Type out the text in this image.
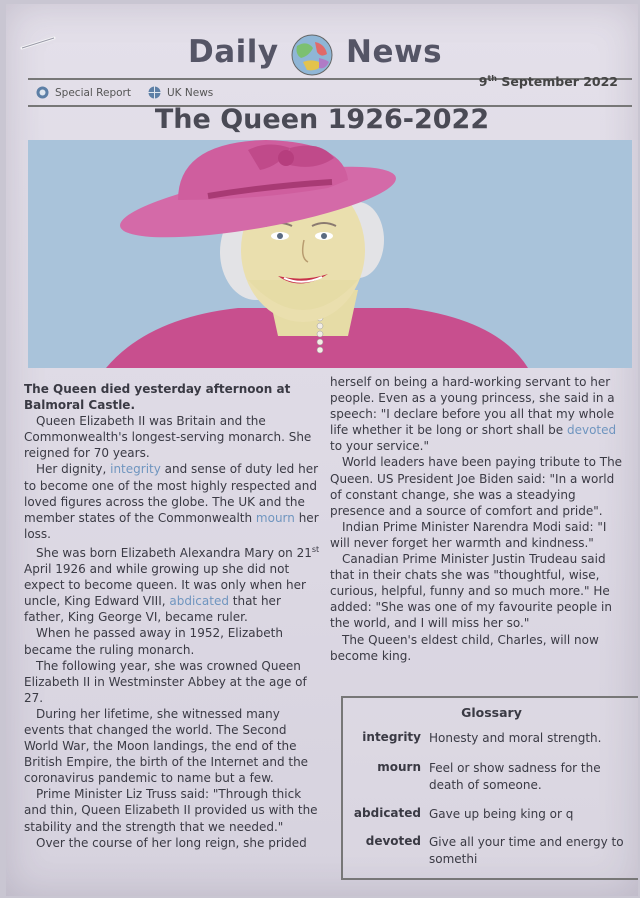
Daily News
Special Report	UK News
9th September 2022
The Queen 1926-2022

The Queen died yesterday afternoon at Balmoral Castle.

Queen Elizabeth II was Britain and the Commonwealth's longest-serving monarch. She reigned for 70 years.

Her dignity, integrity and sense of duty led her to become one of the most highly respected and loved figures across the globe. The UK and the member states of the Commonwealth mourn her loss.

She was born Elizabeth Alexandra Mary on 21st April 1926 and while growing up she did not expect to become queen. It was only when her uncle, King Edward VIII, abdicated that her father, King George VI, became ruler.

When he passed away in 1952, Elizabeth became the ruling monarch.

The following year, she was crowned Queen Elizabeth II in Westminster Abbey at the age of 27.

During her lifetime, she witnessed many events that changed the world. The Second World War, the Moon landings, the end of the British Empire, the birth of the Internet and the coronavirus pandemic to name but a few.

Prime Minister Liz Truss said: "Through thick and thin, Queen Elizabeth II provided us with the stability and the strength that we needed."

Over the course of her long reign, she prided

herself on being a hard-working servant to her people. Even as a young princess, she said in a speech: "I declare before you all that my whole life whether it be long or short shall be devoted to your service."

World leaders have been paying tribute to The Queen. US President Joe Biden said: "In a world of constant change, she was a steadying presence and a source of comfort and pride".

Indian Prime Minister Narendra Modi said: "I will never forget her warmth and kindness."

Canadian Prime Minister Justin Trudeau said that in their chats she was "thoughtful, wise, curious, helpful, funny and so much more." He added: "She was one of my favourite people in the world, and I will miss her so."

The Queen's eldest child, Charles, will now become king.

Glossary
integrity Honesty and moral strength.
mourn Feel or show sadness for the death of someone.
abdicated Gave up being king or q
devoted Give all your time and energy to somethi
